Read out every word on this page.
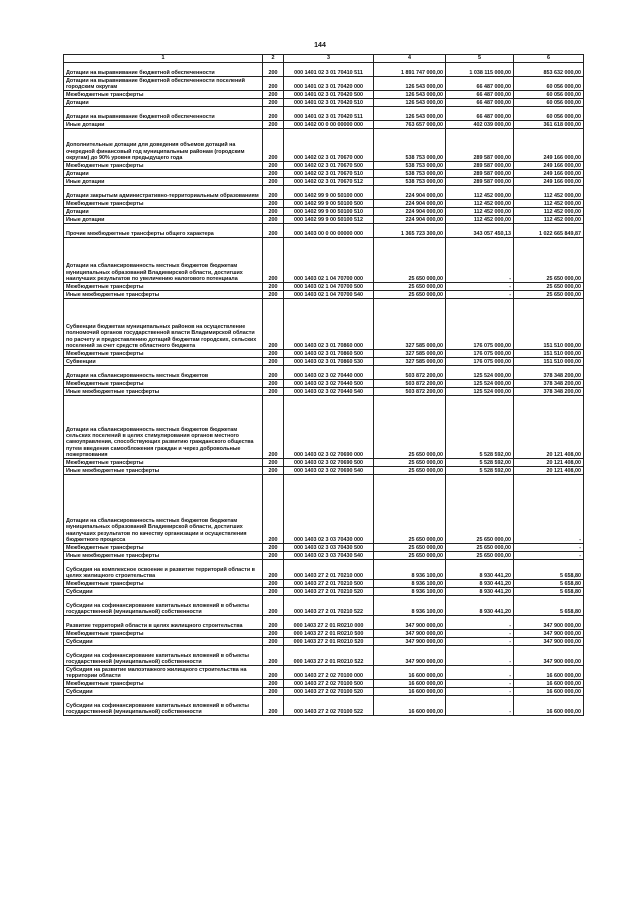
144
1	2	3	4	5	6
Дотации на выравнивание бюджетной обеспеченности	200	000 1401 02 3 01 70410 511	1 891 747 000,00	1 038 115 000,00	853 632 000,00
Дотации на выравнивание бюджетной обеспеченности поселений городским округам	200	000 1401 02 3 01 70420 000	126 543 000,00	66 487 000,00	60 056 000,00
Межбюджетные трансферты	200	000 1401 02 3 01 70420 500	126 543 000,00	66 487 000,00	60 056 000,00
Дотации	200	000 1401 02 3 01 70420 510	126 543 000,00	66 487 000,00	60 056 000,00
Дотации на выравнивание бюджетной обеспеченности	200	000 1401 02 3 01 70420 511	126 543 000,00	66 487 000,00	60 056 000,00
Иные дотации	200	000 1402 00 0 00 00000 000	763 657 000,00	402 039 000,00	361 618 000,00
Дополнительные дотации для доведения объемов дотаций на очередной финансовый год муниципальным районам (городским округам) до 90% уровня предыдущего года	200	000 1402 02 3 01 70670 000	538 753 000,00	289 587 000,00	249 166 000,00
Межбюджетные трансферты	200	000 1402 02 3 01 70670 500	538 753 000,00	289 587 000,00	249 166 000,00
Дотации	200	000 1402 02 3 01 70670 510	538 753 000,00	289 587 000,00	249 166 000,00
Иные дотации	200	000 1402 02 3 01 70670 512	538 753 000,00	289 587 000,00	249 166 000,00
Дотации закрытым административно-территориальным образованиям	200	000 1402 99 9 00 50100 000	224 904 000,00	112 452 000,00	112 452 000,00
Межбюджетные трансферты	200	000 1402 99 9 00 50100 500	224 904 000,00	112 452 000,00	112 452 000,00
Дотации	200	000 1402 99 9 00 50100 510	224 904 000,00	112 452 000,00	112 452 000,00
Иные дотации	200	000 1402 99 9 00 50100 512	224 904 000,00	112 452 000,00	112 452 000,00
Прочие межбюджетные трансферты общего характера	200	000 1403 00 0 00 00000 000	1 365 723 300,00	343 057 450,13	1 022 665 849,87
Дотации на сбалансированность местных бюджетов бюджетам муниципальных образований Владимирской области, достигших наилучших результатов по увеличению налогового потенциала	200	000 1403 02 1 04 70700 000	25 650 000,00	-	25 650 000,00
Межбюджетные трансферты	200	000 1403 02 1 04 70700 500	25 650 000,00	-	25 650 000,00
Иные межбюджетные трансферты	200	000 1403 02 1 04 70700 540	25 650 000,00	-	25 650 000,00
Субвенции бюджетам муниципальных районов на осуществление полномочий органов государственной власти Владимирской области по расчету и предоставлению дотаций бюджетам городских, сельских поселений за счет средств областного бюджета	200	000 1403 02 3 01 70860 000	327 585 000,00	176 075 000,00	151 510 000,00
Межбюджетные трансферты	200	000 1403 02 3 01 70860 500	327 585 000,00	176 075 000,00	151 510 000,00
Субвенции	200	000 1403 02 3 01 70860 530	327 585 000,00	176 075 000,00	151 510 000,00
Дотации на сбалансированность местных бюджетов	200	000 1403 02 3 02 70440 000	503 872 200,00	125 524 000,00	378 348 200,00
Межбюджетные трансферты	200	000 1403 02 3 02 70440 500	503 872 200,00	125 524 000,00	378 348 200,00
Иные межбюджетные трансферты	200	000 1403 02 3 02 70440 540	503 872 200,00	125 524 000,00	378 348 200,00
Дотации на сбалансированность местных бюджетов бюджетам сельских поселений в целях стимулирования органов местного самоуправления, способствующих развитию гражданского общества путем введения самообложения граждан и через добровольные пожертвования	200	000 1403 02 3 02 70690 000	25 650 000,00	5 528 592,00	20 121 408,00
Межбюджетные трансферты	200	000 1403 02 3 02 70690 500	25 650 000,00	5 528 592,00	20 121 408,00
Иные межбюджетные трансферты	200	000 1403 02 3 02 70690 540	25 650 000,00	5 528 592,00	20 121 408,00
Дотации на сбалансированность местных бюджетов бюджетам муниципальных образований Владимирской области, достигших наилучших результатов по качеству организации и осуществления бюджетного процесса	200	000 1403 02 3 03 70430 000	25 650 000,00	25 650 000,00	-
Межбюджетные трансферты	200	000 1403 02 3 03 70430 500	25 650 000,00	25 650 000,00	-
Иные межбюджетные трансферты	200	000 1403 02 3 03 70430 540	25 650 000,00	25 650 000,00	-
Субсидия на комплексное освоение и развитие территорий области в целях жилищного строительства	200	000 1403 27 2 01 70210 000	8 936 100,00	8 930 441,20	5 658,80
Межбюджетные трансферты	200	000 1403 27 2 01 70210 500	8 936 100,00	8 930 441,20	5 658,80
Субсидии	200	000 1403 27 2 01 70210 520	8 936 100,00	8 930 441,20	5 658,80
Субсидии на софинансирование капитальных вложений в объекты государственной (муниципальной) собственности	200	000 1403 27 2 01 70210 522	8 936 100,00	8 930 441,20	5 658,80
Развитие территорий области в целях жилищного строительства	200	000 1403 27 2 01 R0210 000	347 900 000,00	-	347 900 000,00
Межбюджетные трансферты	200	000 1403 27 2 01 R0210 500	347 900 000,00	-	347 900 000,00
Субсидии	200	000 1403 27 2 01 R0210 520	347 900 000,00	-	347 900 000,00
Субсидии на софинансирование капитальных вложений в объекты государственной (муниципальной) собственности	200	000 1403 27 2 01 R0210 522	347 900 000,00	-	347 900 000,00
Субсидия на развитие малоэтажного жилищного строительства на территории области	200	000 1403 27 2 02 70100 000	16 600 000,00	-	16 600 000,00
Межбюджетные трансферты	200	000 1403 27 2 02 70100 500	16 600 000,00	-	16 600 000,00
Субсидии	200	000 1403 27 2 02 70100 520	16 600 000,00	-	16 600 000,00
Субсидии на софинансирование капитальных вложений в объекты государственной (муниципальной) собственности	200	000 1403 27 2 02 70100 522	16 600 000,00	-	16 600 000,00
